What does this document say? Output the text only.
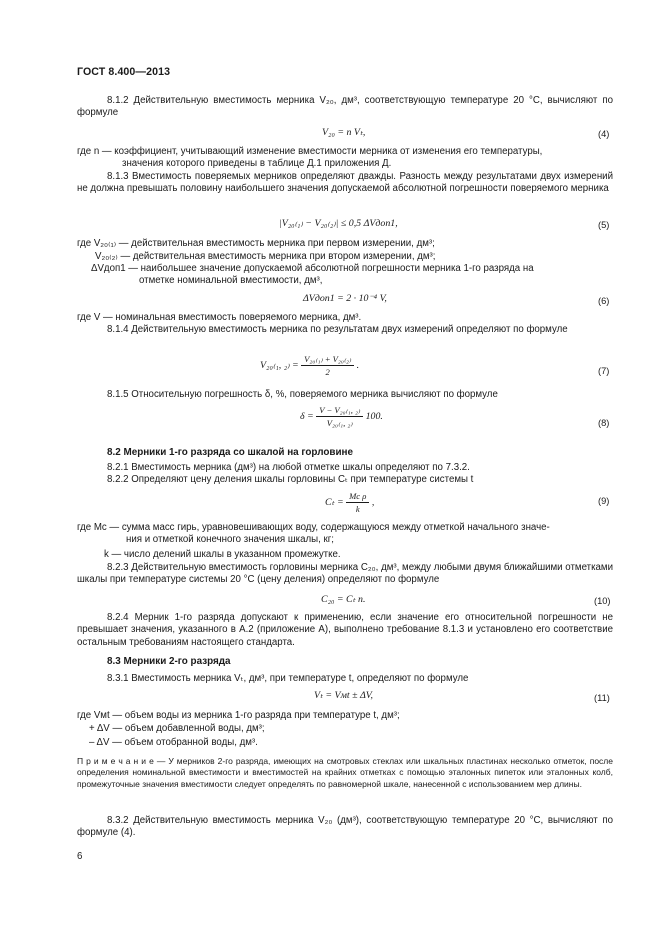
ГОСТ 8.400—2013
8.1.2 Действительную вместимость мерника V₂₀, дм³, соответствующую температуре 20 °С, вычисляют по формуле
V₂₀ = n Vₜ,	(4)
где n — коэффициент, учитывающий изменение вместимости мерника от изменения его температуры,
значения которого приведены в таблице Д.1 приложения Д.
8.1.3 Вместимость поверяемых мерников определяют дважды. Разность между результатами двух измерений не должна превышать половину наибольшего значения допускаемой абсолютной погрешности поверяемого мерника
|V₂₀₍₁₎ − V₂₀₍₂₎| ≤ 0,5 ΔVдоп1,	(5)
где V₂₀₍₁₎ — действительная вместимость мерника при первом измерении, дм³;
V₂₀₍₂₎ — действительная вместимость мерника при втором измерении, дм³;
ΔVдоп1 — наибольшее значение допускаемой абсолютной погрешности мерника 1-го разряда на
отметке номинальной вместимости, дм³,
ΔVдоп1 = 2 · 10⁻⁴ V,	(6)
где V — номинальная вместимость поверяемого мерника, дм³.
8.1.4 Действительную вместимость мерника по результатам двух измерений определяют по формуле
V₂₀₍₁, $_{2)} = \frac{\text{V₂₀₍₁₎ + V₂₀₍₂₎}}{2}$ .
(7)
8.1.5 Относительную погрешность δ, %, поверяемого мерника вычисляют по формуле
$\delta = \frac{\text{V − V₂₀₍₁, ₂₎}}{\text{V₂₀₍₁, ₂₎}} 100$.
(8)
8.2 Мерники 1-го разряда со шкалой на горловине
8.2.1 Вместимость мерника (дм³) на любой отметке шкалы определяют по 7.3.2.
8.2.2 Определяют цену деления шкалы горловины Cₜ при температуре системы t
$C_t = \frac{\text{Mc ρ}}{k}$ ,	(9)
где Mc — сумма масс гирь, уравновешивающих воду, содержащуюся между отметкой начального значе-
ния и отметкой конечного значения шкалы, кг;
k — число делений шкалы в указанном промежутке.
8.2.3 Действительную вместимость горловины мерника C₂₀, дм³, между любыми двумя ближайшими отметками шкалы при температуре системы 20 °С (цену деления) определяют по формуле
C₂₀ = Cₜ n.	(10)
8.2.4 Мерник 1-го разряда допускают к применению, если значение его относительной погрешности не превышает значения, указанного в А.2 (приложение А), выполнено требование 8.1.3 и установлено его соответствие остальным требованиям настоящего стандарта.
8.3 Мерники 2-го разряда
8.3.1 Вместимость мерника Vₜ, дм³, при температуре t, определяют по формуле
Vₜ = Vмt ± ΔV,	(11)
где Vмt — объем воды из мерника 1-го разряда при температуре t, дм³;
+ ΔV — объем добавленной воды, дм³;
– ΔV — объем отобранной воды, дм³.
П р и м е ч а н и е — У мерников 2-го разряда, имеющих на смотровых стеклах или шкальных пластинах несколько отметок, после определения номинальной вместимости и вместимостей на крайних отметках с помощью эталонных пипеток или эталонных колб, промежуточные значения вместимости следует определять по равномерной шкале, нанесенной с использованием мер длины.
8.3.2 Действительную вместимость мерника V₂₀ (дм³), соответствующую температуре 20 °С, вычисляют по формуле (4).
6
